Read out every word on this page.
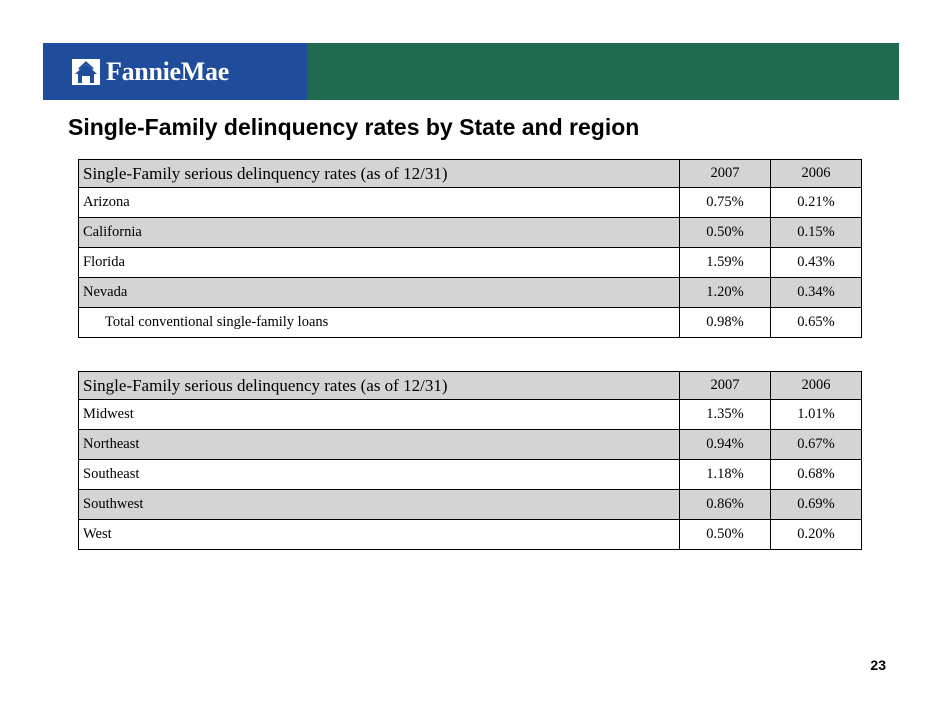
FannieMae
Single-Family delinquency rates by State and region
Single-Family serious delinquency rates (as of 12/31)	2007	2006
Arizona	0.75%	0.21%
California	0.50%	0.15%
Florida	1.59%	0.43%
Nevada	1.20%	0.34%
Total conventional single-family loans	0.98%	0.65%
Single-Family serious delinquency rates (as of 12/31)	2007	2006
Midwest	1.35%	1.01%
Northeast	0.94%	0.67%
Southeast	1.18%	0.68%
Southwest	0.86%	0.69%
West	0.50%	0.20%
23
